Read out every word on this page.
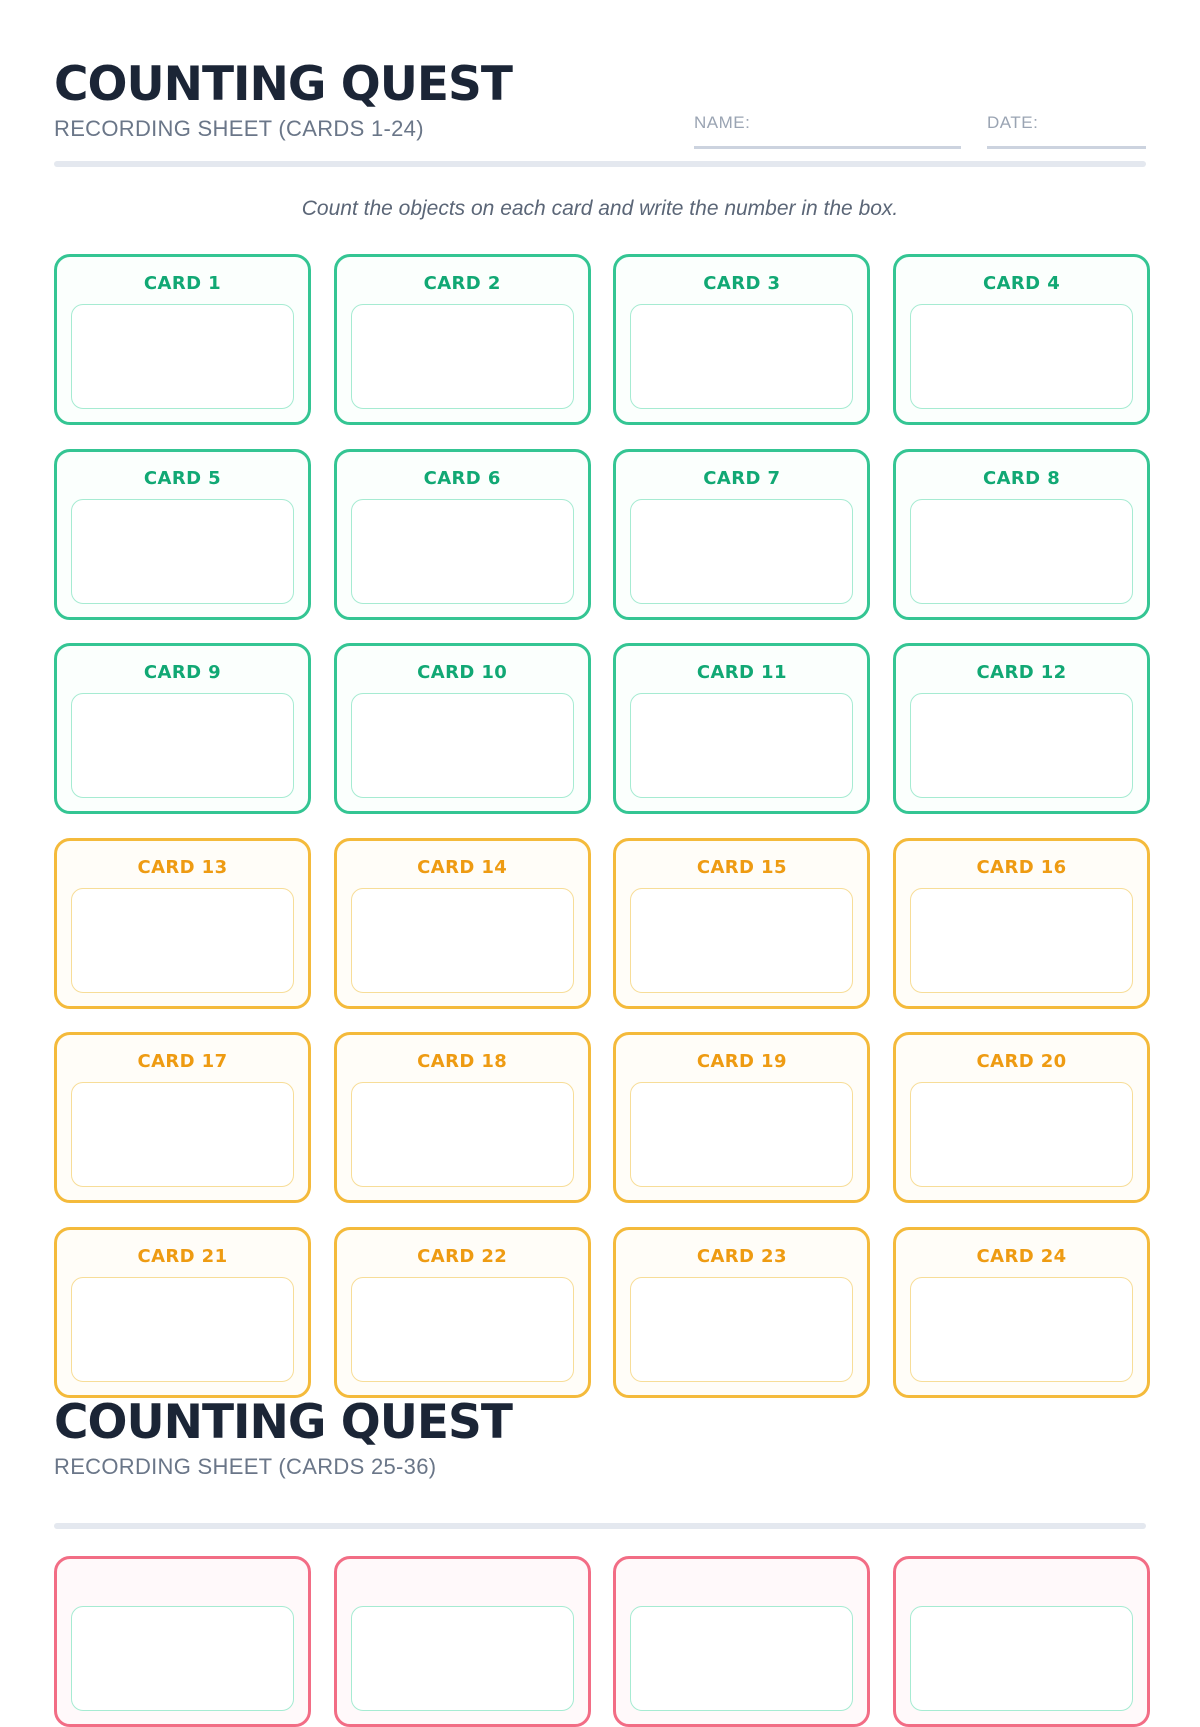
COUNTING QUEST
RECORDING SHEET (CARDS 1-24)	NAME:	DATE:
Count the objects on each card and write the number in the box.
CARD 1	CARD 2	CARD 3	CARD 4
CARD 5	CARD 6	CARD 7	CARD 8
CARD 9	CARD 10	CARD 11	CARD 12
CARD 13	CARD 14	CARD 15	CARD 16
CARD 17	CARD 18	CARD 19	CARD 20
CARD 21	CARD 22	CARD 23	CARD 24
COUNTING QUEST
RECORDING SHEET (CARDS 25-36)
